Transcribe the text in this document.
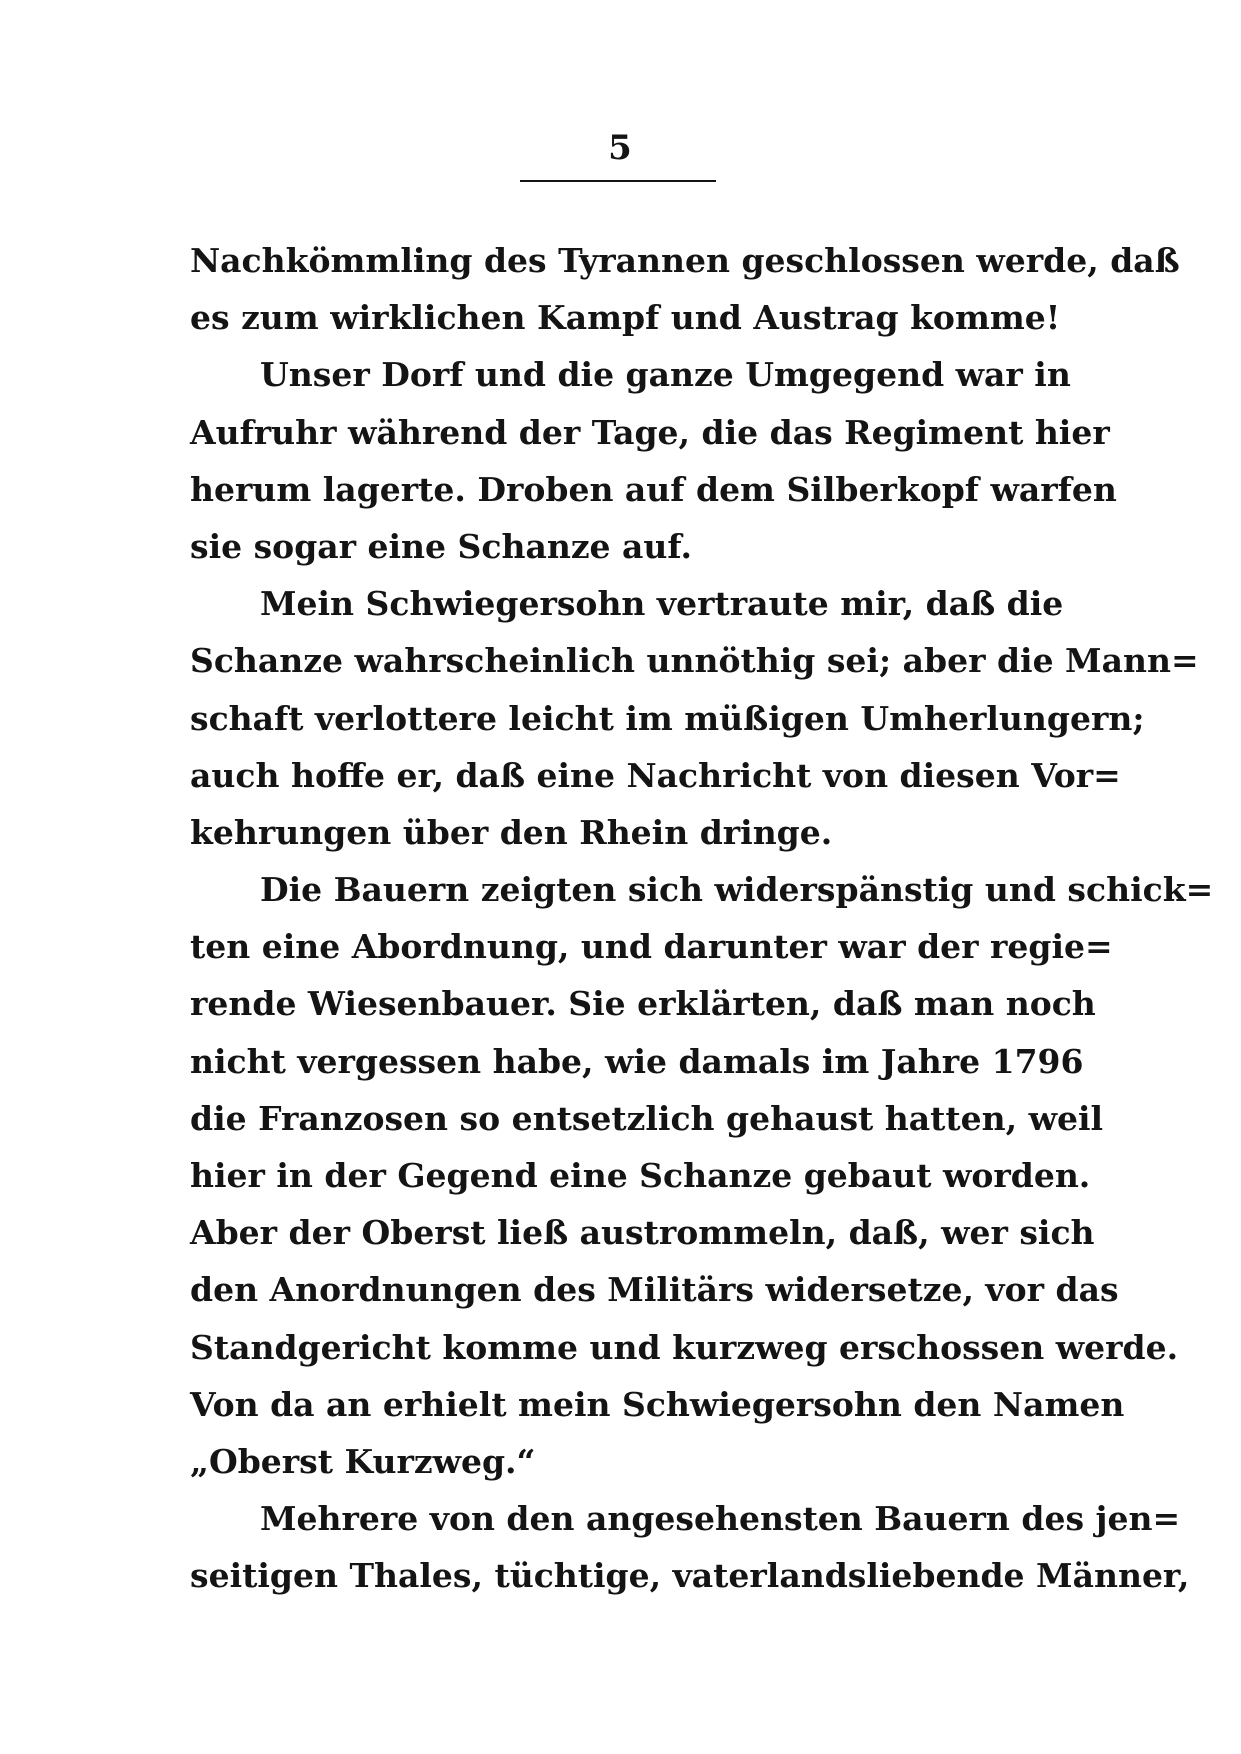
5
Nachkömmling des Tyrannen geschlossen werde, daß
es zum wirklichen Kampf und Austrag komme!
Unser Dorf und die ganze Umgegend war in
Aufruhr während der Tage, die das Regiment hier
herum lagerte. Droben auf dem Silberkopf warfen
sie sogar eine Schanze auf.
Mein Schwiegersohn vertraute mir, daß die
Schanze wahrscheinlich unnöthig sei; aber die Mann=
schaft verlottere leicht im müßigen Umherlungern;
auch hoffe er, daß eine Nachricht von diesen Vor=
kehrungen über den Rhein dringe.
Die Bauern zeigten sich widerspänstig und schick=
ten eine Abordnung, und darunter war der regie=
rende Wiesenbauer. Sie erklärten, daß man noch
nicht vergessen habe, wie damals im Jahre 1796
die Franzosen so entsetzlich gehaust hatten, weil
hier in der Gegend eine Schanze gebaut worden.
Aber der Oberst ließ austrommeln, daß, wer sich
den Anordnungen des Militärs widersetze, vor das
Standgericht komme und kurzweg erschossen werde.
Von da an erhielt mein Schwiegersohn den Namen
„Oberst Kurzweg.“
Mehrere von den angesehensten Bauern des jen=
seitigen Thales, tüchtige, vaterlandsliebende Männer,
